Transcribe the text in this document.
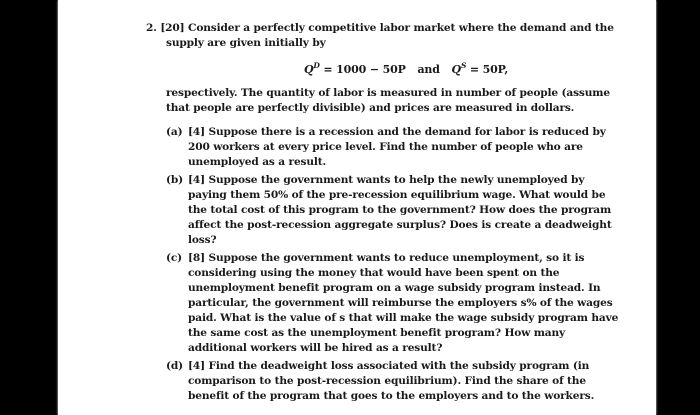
2. [20] Consider a perfectly competitive labor market where the demand and the
supply are given initially by
$Q^D = 1000 - 50P$ and $Q^S = 50P$,
respectively. The quantity of labor is measured in number of people (assume that people are perfectly divisible) and prices are measured in dollars.
(a) [4] Suppose there is a recession and the demand for labor is reduced by 200 workers at every price level. Find the number of people who are unemployed as a result.
(b) [4] Suppose the government wants to help the newly unemployed by paying them 50% of the pre-recession equilibrium wage. What would be the total cost of this program to the government? How does the program affect the post-recession aggregate surplus? Does is create a deadweight loss?
(c) [8] Suppose the government wants to reduce unemployment, so it is considering using the money that would have been spent on the unemployment benefit program on a wage subsidy program instead. In particular, the government will reimburse the employers s% of the wages paid. What is the value of s that will make the wage subsidy program have the same cost as the unemployment benefit program? How many additional workers will be hired as a result?
(d) [4] Find the deadweight loss associated with the subsidy program (in comparison to the post-recession equilibrium). Find the share of the benefit of the program that goes to the employers and to the workers.
